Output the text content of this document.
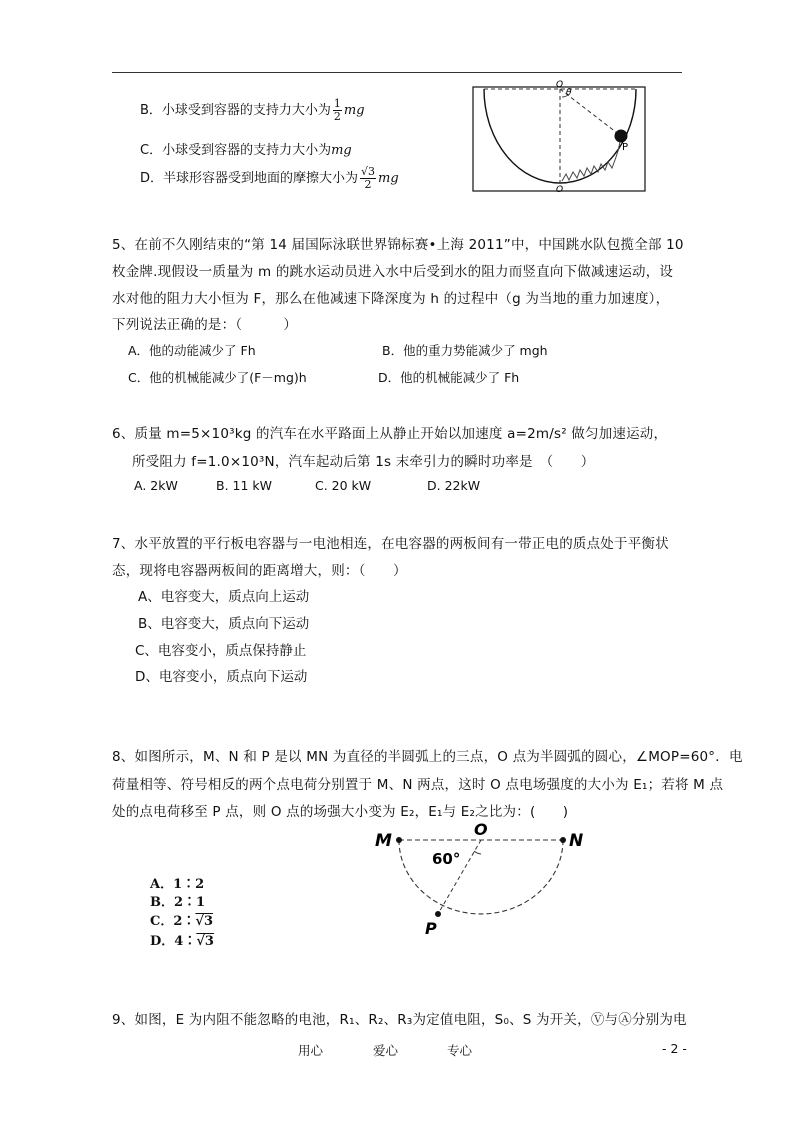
B．小球受到容器的支持力大小为 $\frac{1}{2}$ mg
C．小球受到容器的支持力大小为mg
D．半球形容器受到地面的摩擦大小为 $\frac{√3}{2}$ mg
θ
P
O
O
5、在前不久刚结束的“第 14 届国际泳联世界锦标赛•上海 2011”中，中国跳水队包揽全部 10
枚金牌.现假设一质量为 m 的跳水运动员进入水中后受到水的阻力而竖直向下做减速运动，设
水对他的阻力大小恒为 F，那么在他减速下降深度为 h 的过程中（g 为当地的重力加速度），
下列说法正确的是：（　　　）
A．他的动能减少了 Fh	B．他的重力势能减少了 mgh
C．他的机械能减少了(F－mg)h	D．他的机械能减少了 Fh
6、质量 m=5×10³kg 的汽车在水平路面上从静止开始以加速度 a=2m/s² 做匀加速运动，
所受阻力 f=1.0×10³N，汽车起动后第 1s 末牵引力的瞬时功率是　（　　）
A. 2kW	B. 11 kW	C. 20 kW	D. 22kW
7、水平放置的平行板电容器与一电池相连，在电容器的两板间有一带正电的质点处于平衡状
态，现将电容器两板间的距离增大，则：（　　）
A、电容变大，质点向上运动
B、电容变大，质点向下运动
C、电容变小，质点保持静止
D、电容变小，质点向下运动
8、如图所示，M、N 和 P 是以 MN 为直径的半圆弧上的三点，O 点为半圆弧的圆心，∠MOP=60°．电
荷量相等、符号相反的两个点电荷分别置于 M、N 两点，这时 O 点电场强度的大小为 E₁；若将 M 点
处的点电荷移至 P 点，则 O 点的场强大小变为 E₂，E₁与 E₂之比为：(　　)
A．1∶2
B．2∶1
C．2∶√3
D．4∶√3
M
O
N
60°
P
9、如图，E 为内阻不能忽略的电池，R₁、R₂、R₃为定值电阻，S₀、S 为开关，Ⓥ与Ⓐ分别为电
用心	爱心	专心	- 2 -
